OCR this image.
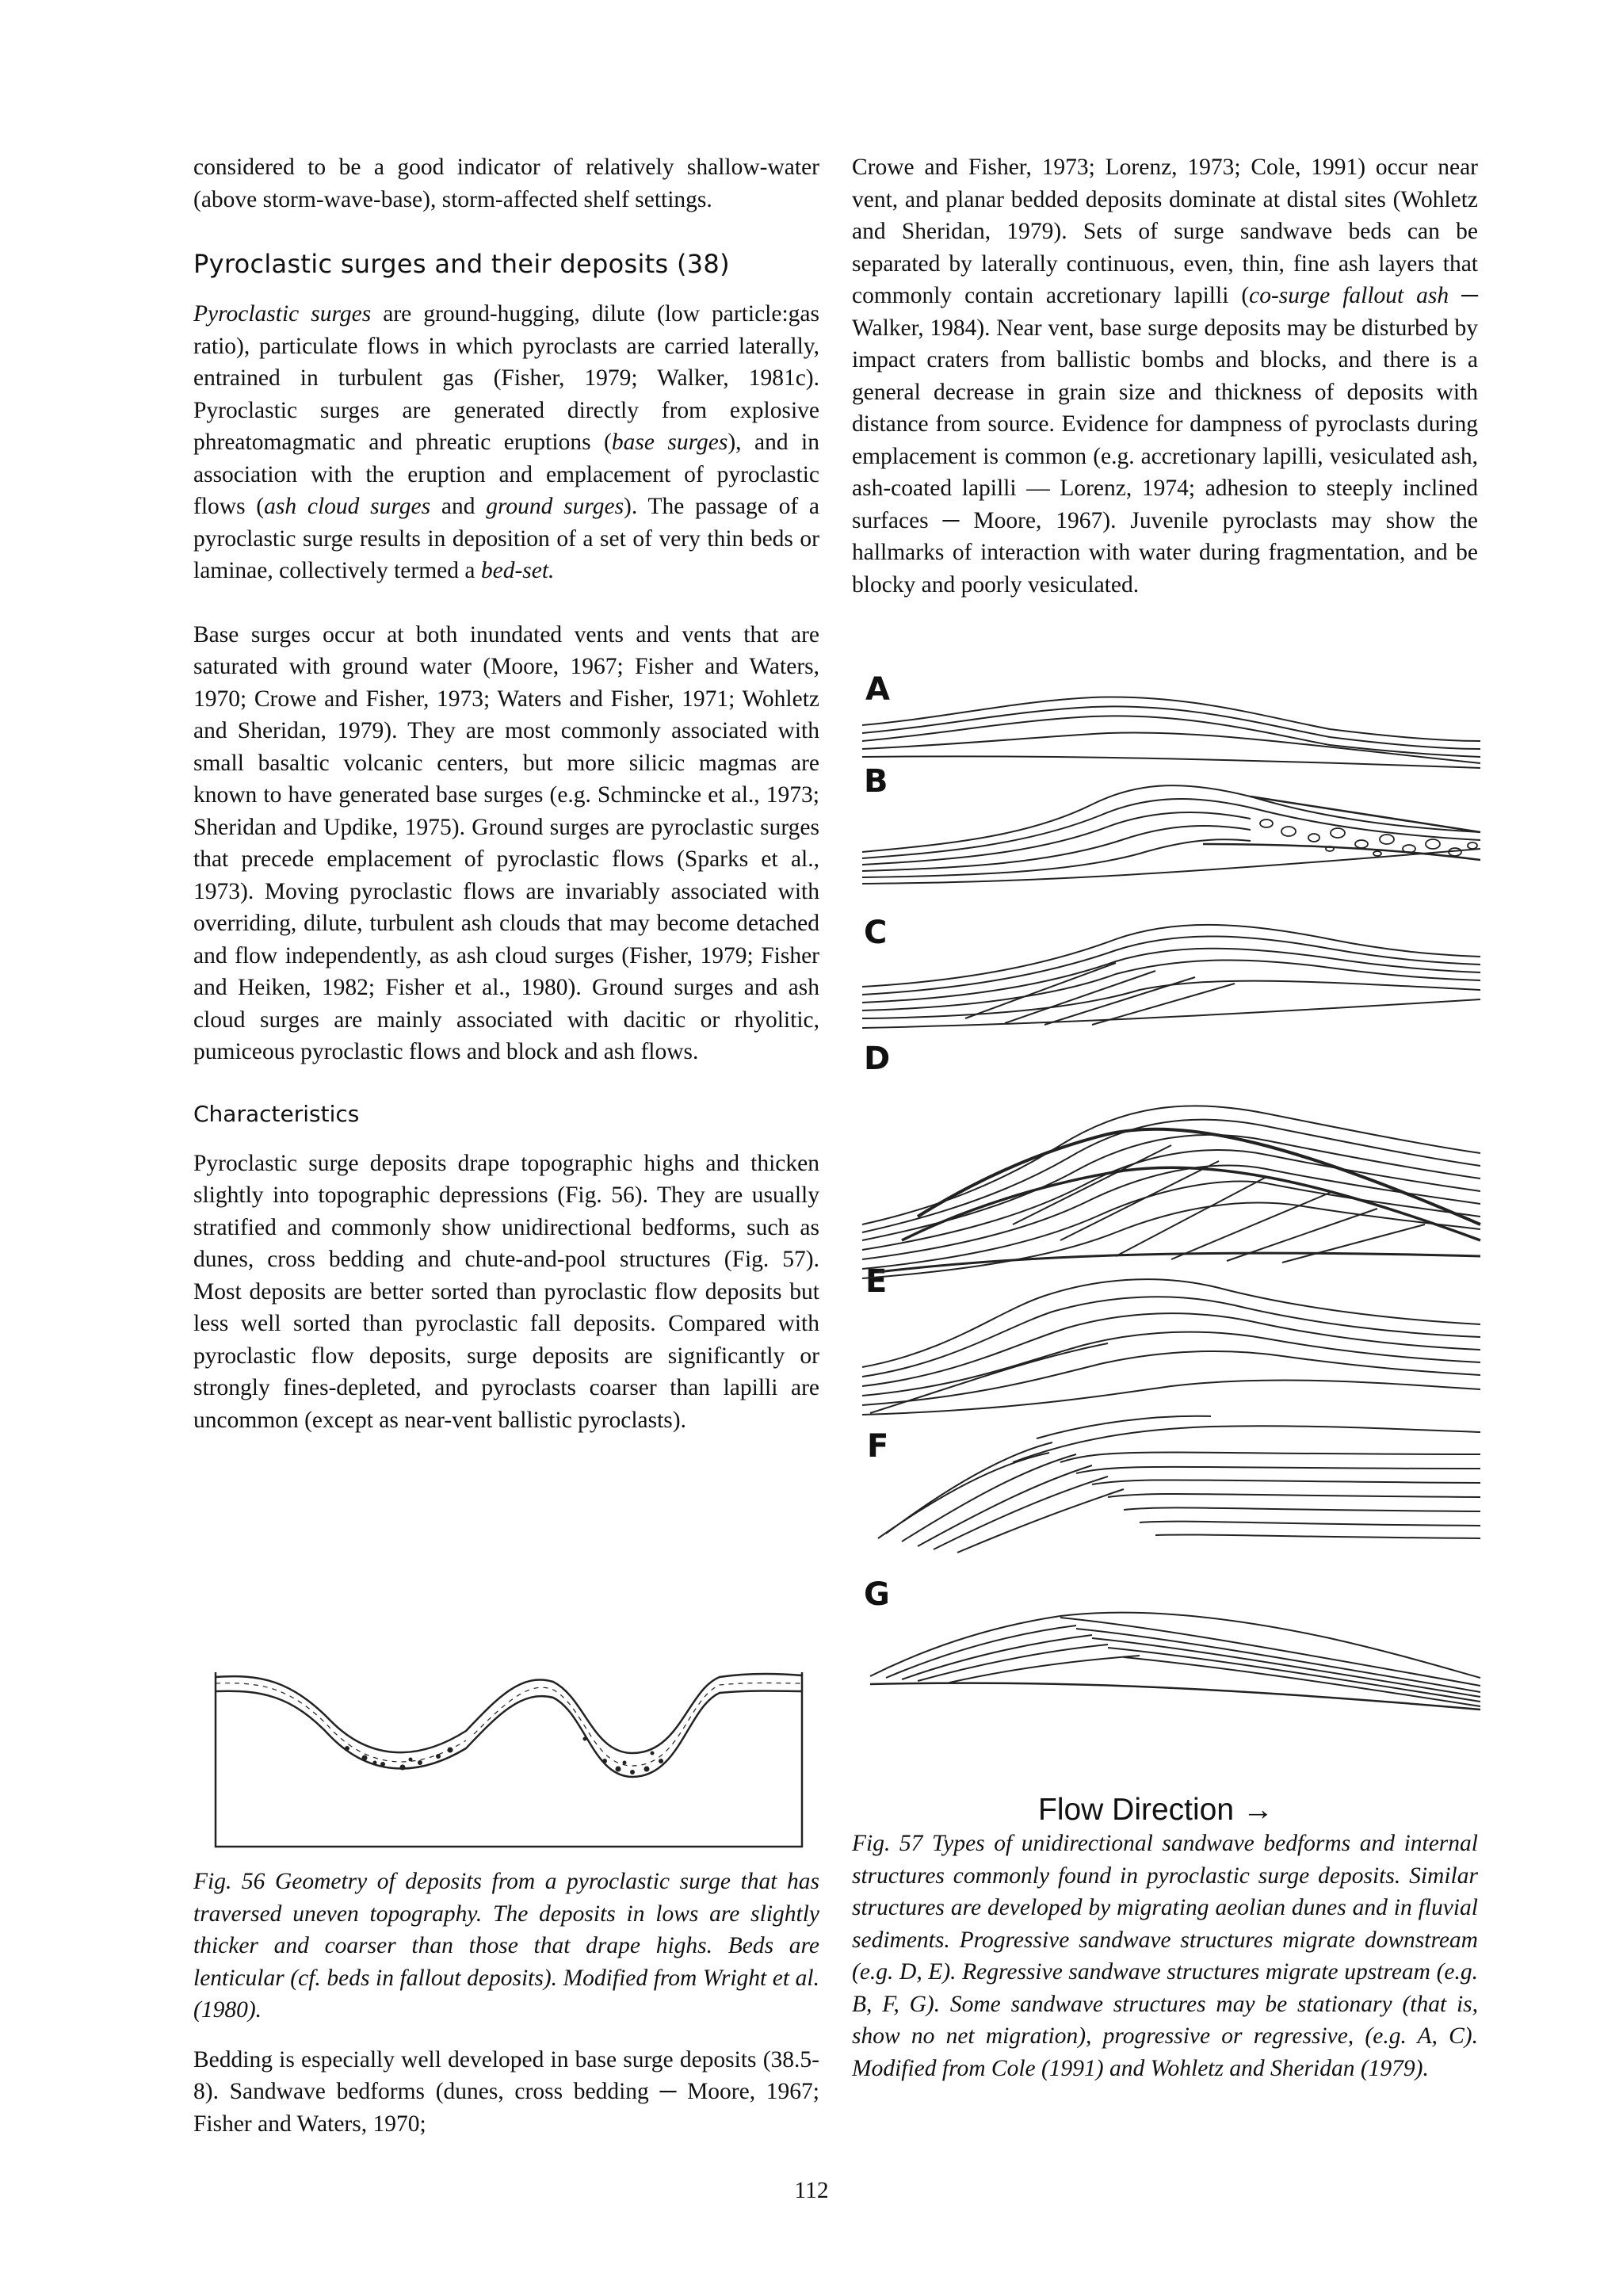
considered to be a good indicator of relatively shallow-water (above storm-wave-base), storm-affected shelf settings.

Pyroclastic surges and their deposits (38)

Pyroclastic surges are ground-hugging, dilute (low particle:gas ratio), particulate flows in which pyroclasts are carried laterally, entrained in turbulent gas (Fisher, 1979; Walker, 1981c). Pyroclastic surges are generated directly from explosive phreatomagmatic and phreatic eruptions (base surges), and in association with the eruption and emplacement of pyroclastic flows (ash cloud surges and ground surges). The passage of a pyroclastic surge results in deposition of a set of very thin beds or laminae, collectively termed a bed-set.

Base surges occur at both inundated vents and vents that are saturated with ground water (Moore, 1967; Fisher and Waters, 1970; Crowe and Fisher, 1973; Waters and Fisher, 1971; Wohletz and Sheridan, 1979). They are most commonly associated with small basaltic volcanic centers, but more silicic magmas are known to have generated base surges (e.g. Schmincke et al., 1973; Sheridan and Updike, 1975). Ground surges are pyroclastic surges that precede emplacement of pyroclastic flows (Sparks et al., 1973). Moving pyroclastic flows are invariably associated with overriding, dilute, turbulent ash clouds that may become detached and flow independently, as ash cloud surges (Fisher, 1979; Fisher and Heiken, 1982; Fisher et al., 1980). Ground surges and ash cloud surges are mainly associated with dacitic or rhyolitic, pumiceous pyroclastic flows and block and ash flows.

Characteristics

Pyroclastic surge deposits drape topographic highs and thicken slightly into topographic depressions (Fig. 56). They are usually stratified and commonly show unidirectional bedforms, such as dunes, cross bedding and chute-and-pool structures (Fig. 57). Most deposits are better sorted than pyroclastic flow deposits but less well sorted than pyroclastic fall deposits. Compared with pyroclastic flow deposits, surge deposits are significantly or strongly fines-depleted, and pyroclasts coarser than lapilli are uncommon (except as near-vent ballistic pyroclasts).

Fig. 56 Geometry of deposits from a pyroclastic surge that has traversed uneven topography. The deposits in lows are slightly thicker and coarser than those that drape highs. Beds are lenticular (cf. beds in fallout deposits). Modified from Wright et al. (1980).

Bedding is especially well developed in base surge deposits (38.5-8). Sandwave bedforms (dunes, cross bedding ─ Moore, 1967; Fisher and Waters, 1970;

Crowe and Fisher, 1973; Lorenz, 1973; Cole, 1991) occur near vent, and planar bedded deposits dominate at distal sites (Wohletz and Sheridan, 1979). Sets of surge sandwave beds can be separated by laterally continuous, even, thin, fine ash layers that commonly contain accretionary lapilli (co-surge fallout ash ─ Walker, 1984). Near vent, base surge deposits may be disturbed by impact craters from ballistic bombs and blocks, and there is a general decrease in grain size and thickness of deposits with distance from source. Evidence for dampness of pyroclasts during emplacement is common (e.g. accretionary lapilli, vesiculated ash, ash-coated lapilli — Lorenz, 1974; adhesion to steeply inclined surfaces ─ Moore, 1967). Juvenile pyroclasts may show the hallmarks of interaction with water during fragmentation, and be blocky and poorly vesiculated.

A
B
C
D
E
F
G
Flow Direction →

Fig. 57 Types of unidirectional sandwave bedforms and internal structures commonly found in pyroclastic surge deposits. Similar structures are developed by migrating aeolian dunes and in fluvial sediments. Progressive sandwave structures migrate downstream (e.g. D, E). Regressive sandwave structures migrate upstream (e.g. B, F, G). Some sandwave structures may be stationary (that is, show no net migration), progressive or regressive, (e.g. A, C). Modified from Cole (1991) and Wohletz and Sheridan (1979).

112
